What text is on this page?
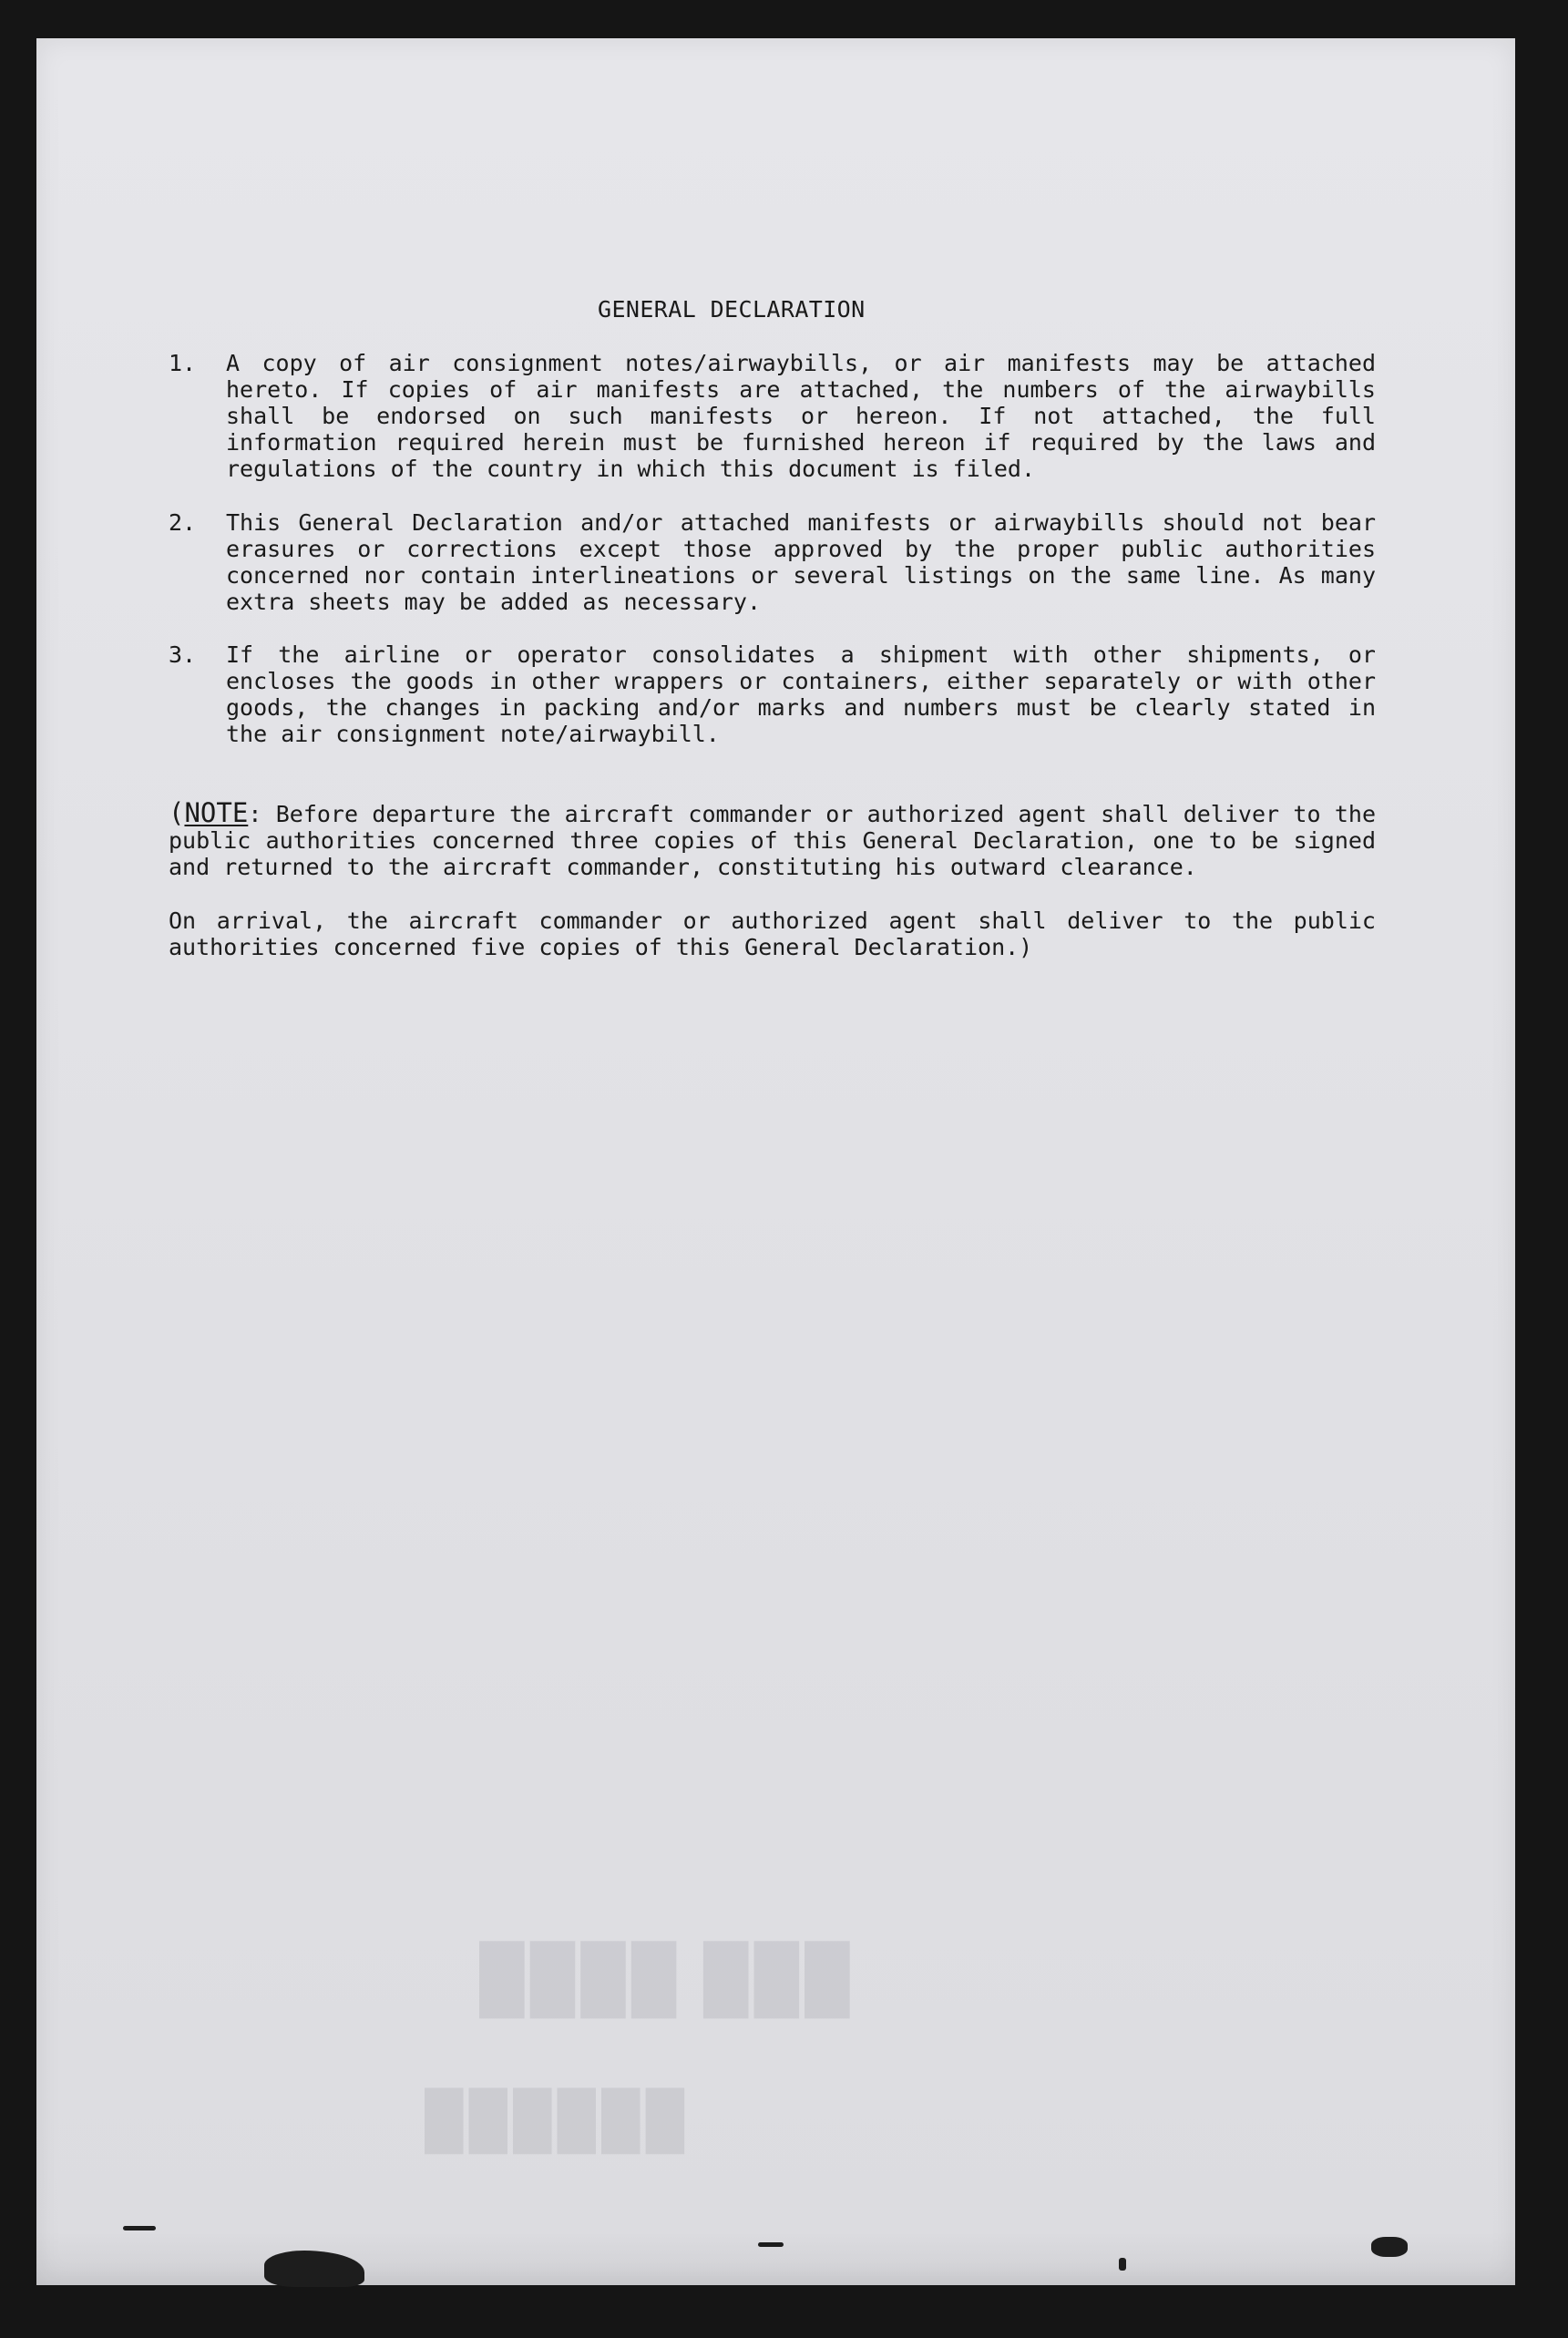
███ ████
██████
GENERAL DECLARATION
1. A copy of air consignment notes/airwaybills, or air manifests may be attached hereto. If copies of air manifests are attached, the numbers of the airwaybills shall be endorsed on such manifests or hereon. If not attached, the full information required herein must be furnished hereon if required by the laws and regulations of the country in which this document is filed.
2. This General Declaration and/or attached manifests or airwaybills should not bear erasures or corrections except those approved by the proper public authorities concerned nor contain interlineations or several listings on the same line. As many extra sheets may be added as necessary.
3. If the airline or operator consolidates a shipment with other shipments, or encloses the goods in other wrappers or containers, either separately or with other goods, the changes in packing and/or marks and numbers must be clearly stated in the air consignment note/airwaybill.
(NOTE: Before departure the aircraft commander or authorized agent shall deliver to the public authorities concerned three copies of this General Declaration, one to be signed and returned to the aircraft commander, constituting his outward clearance.
On arrival, the aircraft commander or authorized agent shall deliver to the public authorities concerned five copies of this General Declaration.)
